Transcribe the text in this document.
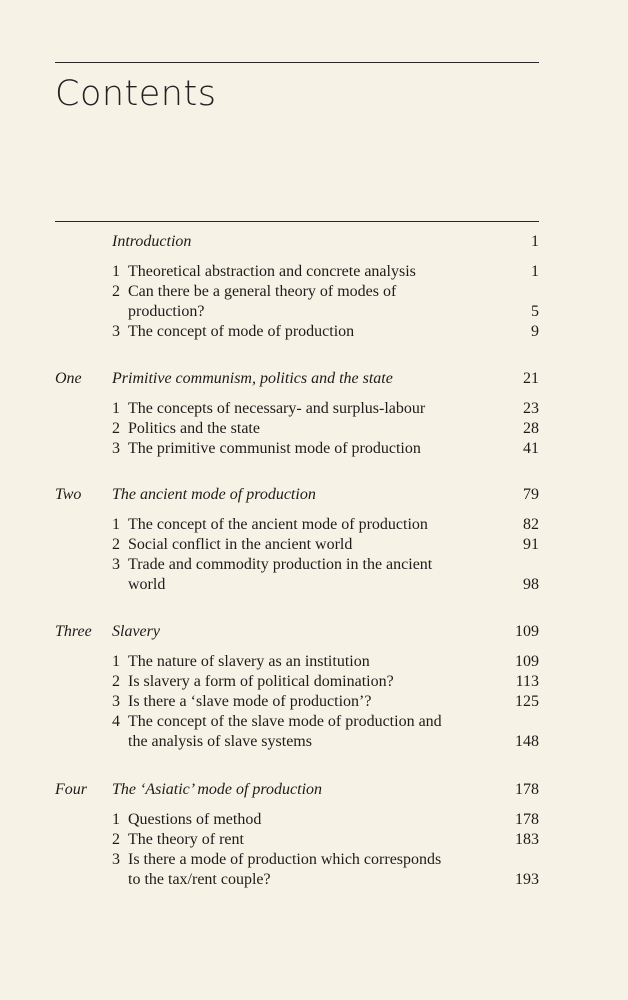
Contents
Introduction	1
1 Theoretical abstraction and concrete analysis	1
2 Can there be a general theory of modes of
production?	5
3 The concept of mode of production	9
One Primitive communism, politics and the state	21
1 The concepts of necessary- and surplus-labour	23
2 Politics and the state	28
3 The primitive communist mode of production	41
Two The ancient mode of production	79
1 The concept of the ancient mode of production	82
2 Social conflict in the ancient world	91
3 Trade and commodity production in the ancient
world	98
Three Slavery	109
1 The nature of slavery as an institution	109
2 Is slavery a form of political domination?	113
3 Is there a ‘slave mode of production’?	125
4 The concept of the slave mode of production and
the analysis of slave systems	148
Four The ‘Asiatic’ mode of production	178
1 Questions of method	178
2 The theory of rent	183
3 Is there a mode of production which corresponds
to the tax/rent couple?	193
